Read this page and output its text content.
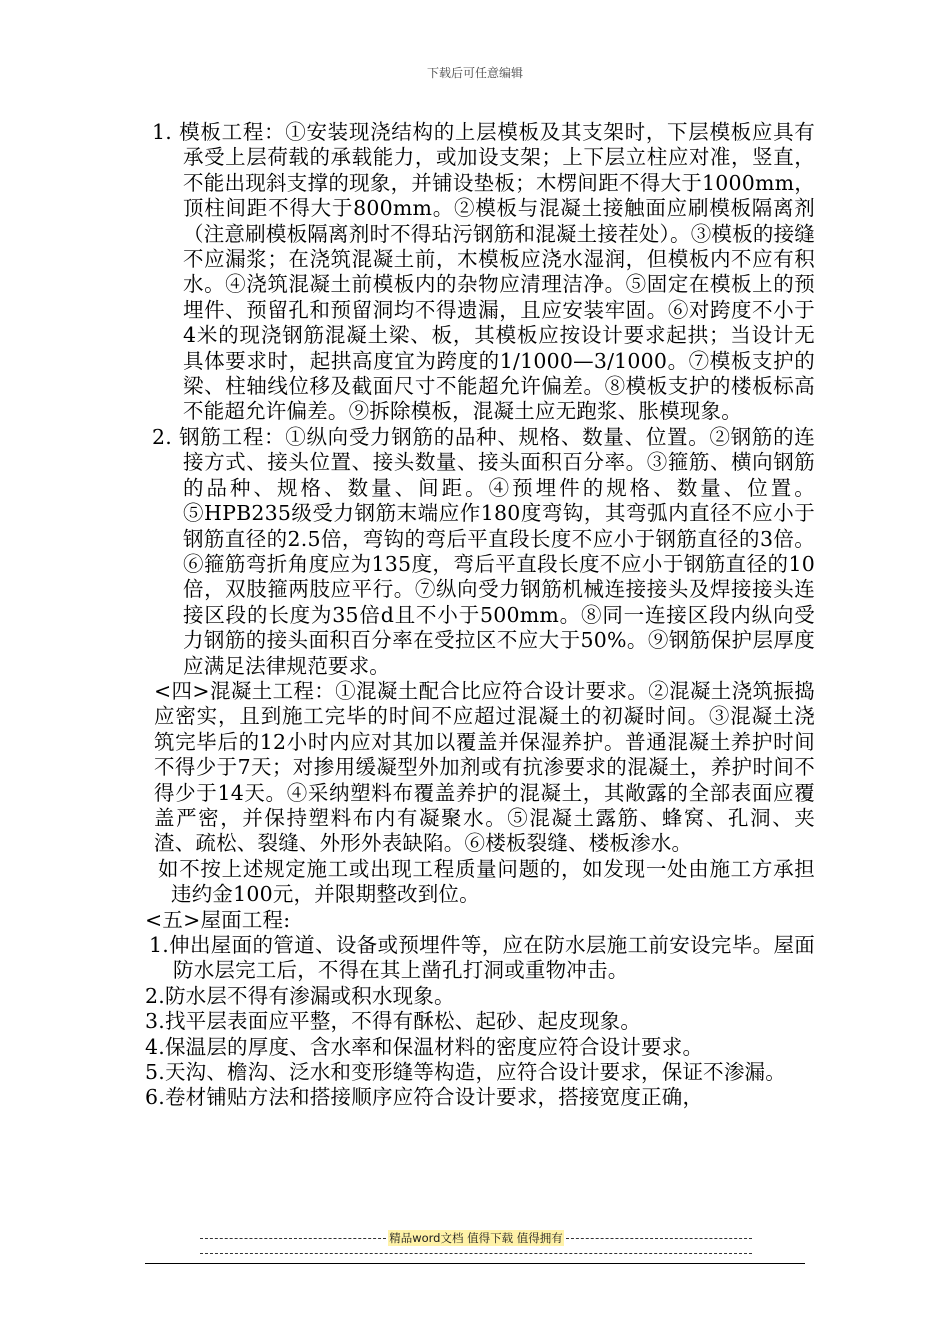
下载后可任意编辑

1. 模板工程：①安装现浇结构的上层模板及其支架时，下层模板应具有承受上层荷载的承载能力，或加设支架；上下层立柱应对准，竖直，不能出现斜支撑的现象，并铺设垫板；木楞间距不得大于1000mm，顶柱间距不得大于800mm。②模板与混凝土接触面应刷模板隔离剂（注意刷模板隔离剂时不得玷污钢筋和混凝土接茬处）。③模板的接缝不应漏浆；在浇筑混凝土前，木模板应浇水湿润，但模板内不应有积水。④浇筑混凝土前模板内的杂物应清理洁净。⑤固定在模板上的预埋件、预留孔和预留洞均不得遗漏，且应安装牢固。⑥对跨度不小于4米的现浇钢筋混凝土梁、板，其模板应按设计要求起拱；当设计无具体要求时，起拱高度宜为跨度的1/1000—3/1000。⑦模板支护的梁、柱轴线位移及截面尺寸不能超允许偏差。⑧模板支护的楼板标高不能超允许偏差。⑨拆除模板，混凝土应无跑浆、胀模现象。

2. 钢筋工程：①纵向受力钢筋的品种、规格、数量、位置。②钢筋的连接方式、接头位置、接头数量、接头面积百分率。③箍筋、横向钢筋的品种、规格、数量、间距。④预埋件的规格、数量、位置。⑤HPB235级受力钢筋末端应作180度弯钩，其弯弧内直径不应小于钢筋直径的2.5倍，弯钩的弯后平直段长度不应小于钢筋直径的3倍。⑥箍筋弯折角度应为135度，弯后平直段长度不应小于钢筋直径的10倍，双肢箍两肢应平行。⑦纵向受力钢筋机械连接接头及焊接接头连接区段的长度为35倍d且不小于500mm。⑧同一连接区段内纵向受力钢筋的接头面积百分率在受拉区不应大于50%。⑨钢筋保护层厚度应满足法律规范要求。

<四>混凝土工程：①混凝土配合比应符合设计要求。②混凝土浇筑振捣应密实，且到施工完毕的时间不应超过混凝土的初凝时间。③混凝土浇筑完毕后的12小时内应对其加以覆盖并保湿养护。普通混凝土养护时间不得少于7天；对掺用缓凝型外加剂或有抗渗要求的混凝土，养护时间不得少于14天。④采纳塑料布覆盖养护的混凝土，其敞露的全部表面应覆盖严密，并保持塑料布内有凝聚水。⑤混凝土露筋、蜂窝、孔洞、夹渣、疏松、裂缝、外形外表缺陷。⑥楼板裂缝、楼板渗水。

如不按上述规定施工或出现工程质量问题的，如发现一处由施工方承担违约金100元，并限期整改到位。

<五>屋面工程:

1.伸出屋面的管道、设备或预埋件等，应在防水层施工前安设完毕。屋面防水层完工后，不得在其上凿孔打洞或重物冲击。

2.防水层不得有渗漏或积水现象。

3.找平层表面应平整，不得有酥松、起砂、起皮现象。

4.保温层的厚度、含水率和保温材料的密度应符合设计要求。

5.天沟、檐沟、泛水和变形缝等构造，应符合设计要求，保证不渗漏。

6.卷材铺贴方法和搭接顺序应符合设计要求，搭接宽度正确，

精品word文档 值得下载 值得拥有
